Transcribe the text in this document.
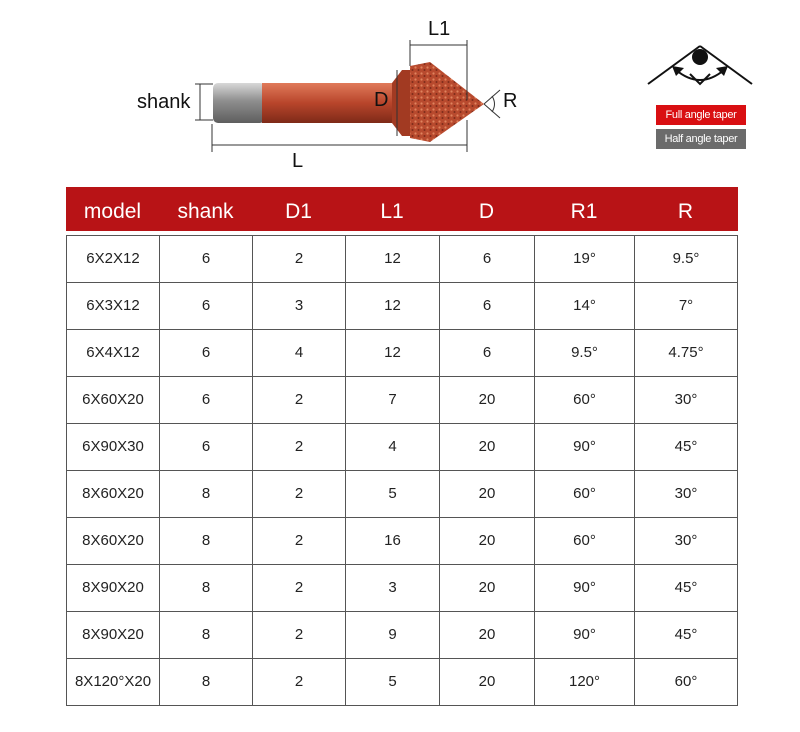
L1
shank	D	R
L
Full angle taper
Half angle taper
model	shank	D1	L1	D	R1	R
6X2X12	6	2	12	6	19°	9.5°
6X3X12	6	3	12	6	14°	7°
6X4X12	6	4	12	6	9.5°	4.75°
6X60X20	6	2	7	20	60°	30°
6X90X30	6	2	4	20	90°	45°
8X60X20	8	2	5	20	60°	30°
8X60X20	8	2	16	20	60°	30°
8X90X20	8	2	3	20	90°	45°
8X90X20	8	2	9	20	90°	45°
8X120°X20	8	2	5	20	120°	60°
